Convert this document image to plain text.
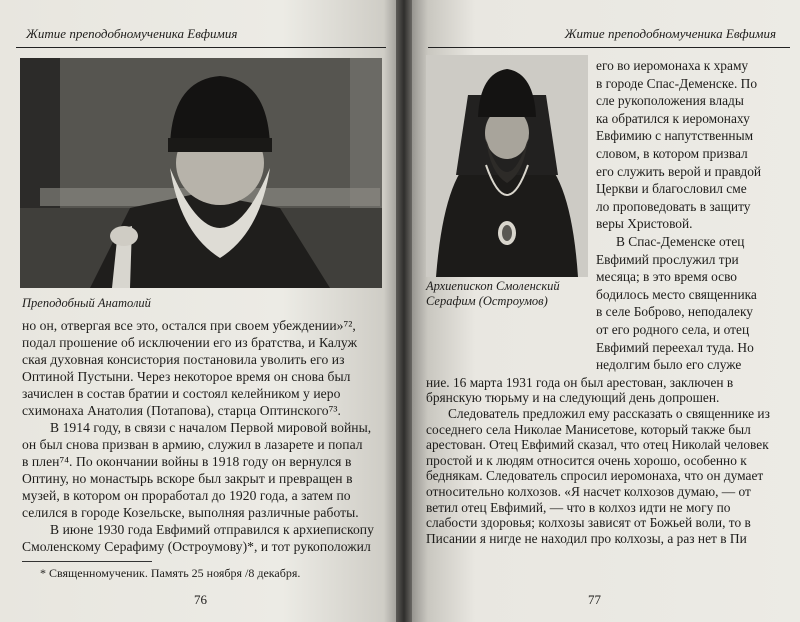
Житие преподобномученика Евфимия
Преподобный Анатолий
но он, отвергая все это, остался при своем убеждении»⁷²,
подал прошение об исключении его из братства, и Калуж
ская духовная консистория постановила уволить его из
Оптиной Пустыни. Через некоторое время он снова был
зачислен в состав братии и состоял келейником у иеро
схимонаха Анатолия (Потапова), старца Оптинского⁷³.
В 1914 году, в связи с началом Первой мировой войны,
он был снова призван в армию, служил в лазарете и попал
в плен⁷⁴. По окончании войны в 1918 году он вернулся в
Оптину, но монастырь вскоре был закрыт и превращен в
музей, в котором он проработал до 1920 года, а затем по
селился в городе Козельске, выполняя различные работы.
В июне 1930 года Евфимий отправился к архиепископу
Смоленскому Серафиму (Остроумову)*, и тот рукоположил
* Священномученик. Память 25 ноября /8 декабря.
76
Житие преподобномученика Евфимия
Архиепископ Смоленский
Серафим (Остроумов)
его во иеромонаха к храму
в городе Спас-Деменске. По
сле рукоположения влады
ка обратился к иеромонаху
Евфимию с напутственным
словом, в котором призвал
его служить верой и правдой
Церкви и благословил сме
ло проповедовать в защиту
веры Христовой.
В Спас-Деменске отец
Евфимий прослужил три
месяца; в это время осво
бодилось место священника
в селе Боброво, неподалеку
от его родного села, и отец
Евфимий переехал туда. Но
недолгим было его служе
ние. 16 марта 1931 года он был арестован, заключен в
брянскую тюрьму и на следующий день допрошен.
Следователь предложил ему рассказать о священнике из
соседнего села Николае Манисетове, который также был
арестован. Отец Евфимий сказал, что отец Николай человек
простой и к людям относится очень хорошо, особенно к
беднякам. Следователь спросил иеромонаха, что он думает
относительно колхозов. «Я насчет колхозов думаю, — от
ветил отец Евфимий, — что в колхоз идти не могу по
слабости здоровья; колхозы зависят от Божьей воли, то в
Писании я нигде не находил про колхозы, а раз нет в Пи
77
